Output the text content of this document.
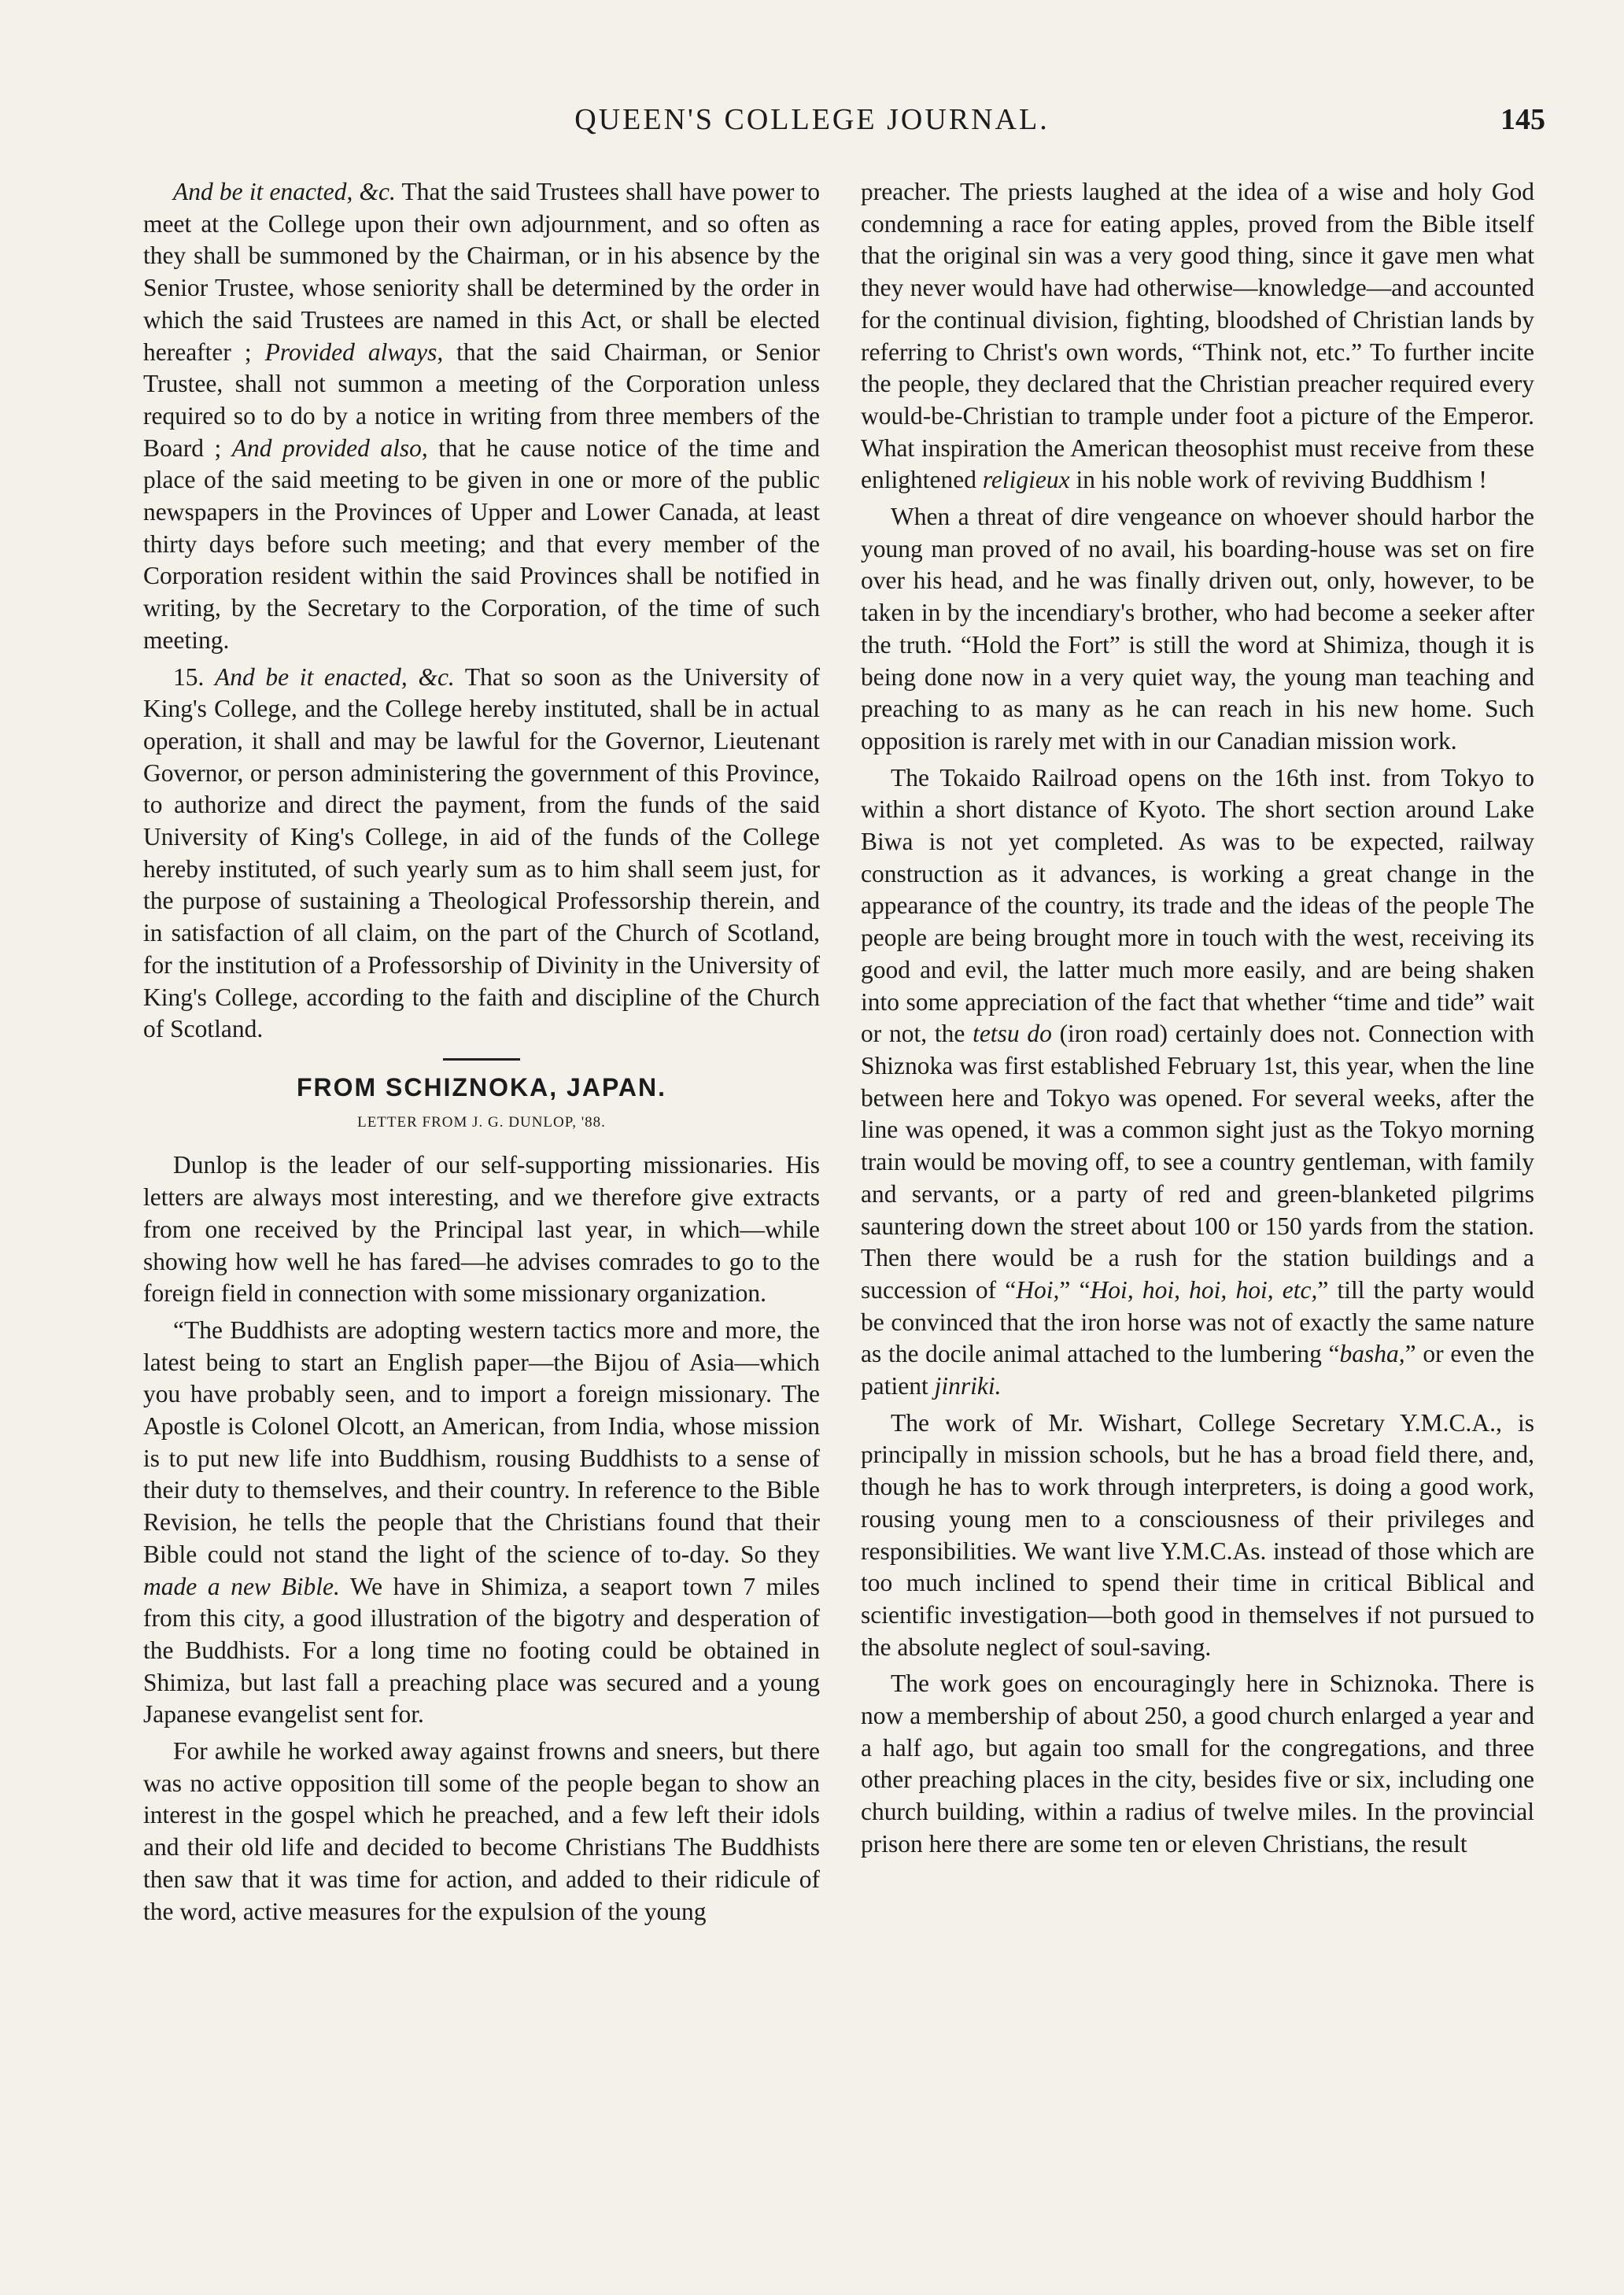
QUEEN'S COLLEGE JOURNAL.	145

And be it enacted, &c. That the said Trustees shall have power to meet at the College upon their own adjournment, and so often as they shall be summoned by the Chairman, or in his absence by the Senior Trustee, whose seniority shall be determined by the order in which the said Trustees are named in this Act, or shall be elected hereafter ; Provided always, that the said Chairman, or Senior Trustee, shall not summon a meeting of the Corporation unless required so to do by a notice in writing from three members of the Board ; And provided also, that he cause notice of the time and place of the said meeting to be given in one or more of the public newspapers in the Provinces of Upper and Lower Canada, at least thirty days before such meeting; and that every member of the Corporation resident within the said Provinces shall be notified in writing, by the Secretary to the Corporation, of the time of such meeting.

15. And be it enacted, &c. That so soon as the University of King's College, and the College hereby instituted, shall be in actual operation, it shall and may be lawful for the Governor, Lieutenant Governor, or person administering the government of this Province, to authorize and direct the payment, from the funds of the said University of King's College, in aid of the funds of the College hereby instituted, of such yearly sum as to him shall seem just, for the purpose of sustaining a Theological Professorship therein, and in satisfaction of all claim, on the part of the Church of Scotland, for the institution of a Professorship of Divinity in the University of King's College, according to the faith and discipline of the Church of Scotland.

FROM SCHIZNOKA, JAPAN.
LETTER FROM J. G. DUNLOP, '88.

Dunlop is the leader of our self-supporting missionaries. His letters are always most interesting, and we therefore give extracts from one received by the Principal last year, in which—while showing how well he has fared—he advises comrades to go to the foreign field in connection with some missionary organization.

“The Buddhists are adopting western tactics more and more, the latest being to start an English paper—the Bijou of Asia—which you have probably seen, and to import a foreign missionary. The Apostle is Colonel Olcott, an American, from India, whose mission is to put new life into Buddhism, rousing Buddhists to a sense of their duty to themselves, and their country. In reference to the Bible Revision, he tells the people that the Christians found that their Bible could not stand the light of the science of to-day. So they made a new Bible. We have in Shimiza, a seaport town 7 miles from this city, a good illustration of the bigotry and desperation of the Buddhists. For a long time no footing could be obtained in Shimiza, but last fall a preaching place was secured and a young Japanese evangelist sent for.

For awhile he worked away against frowns and sneers, but there was no active opposition till some of the people began to show an interest in the gospel which he preached, and a few left their idols and their old life and decided to become Christians The Buddhists then saw that it was time for action, and added to their ridicule of the word, active measures for the expulsion of the young

preacher. The priests laughed at the idea of a wise and holy God condemning a race for eating apples, proved from the Bible itself that the original sin was a very good thing, since it gave men what they never would have had otherwise—knowledge—and accounted for the continual division, fighting, bloodshed of Christian lands by referring to Christ's own words, “Think not, etc.” To further incite the people, they declared that the Christian preacher required every would-be-Christian to trample under foot a picture of the Emperor. What inspiration the American theosophist must receive from these enlightened religieux in his noble work of reviving Buddhism !

When a threat of dire vengeance on whoever should harbor the young man proved of no avail, his boarding-house was set on fire over his head, and he was finally driven out, only, however, to be taken in by the incendiary's brother, who had become a seeker after the truth. “Hold the Fort” is still the word at Shimiza, though it is being done now in a very quiet way, the young man teaching and preaching to as many as he can reach in his new home. Such opposition is rarely met with in our Canadian mission work.

The Tokaido Railroad opens on the 16th inst. from Tokyo to within a short distance of Kyoto. The short section around Lake Biwa is not yet completed. As was to be expected, railway construction as it advances, is working a great change in the appearance of the country, its trade and the ideas of the people The people are being brought more in touch with the west, receiving its good and evil, the latter much more easily, and are being shaken into some appreciation of the fact that whether “time and tide” wait or not, the tetsu do (iron road) certainly does not. Connection with Shiznoka was first established February 1st, this year, when the line between here and Tokyo was opened. For several weeks, after the line was opened, it was a common sight just as the Tokyo morning train would be moving off, to see a country gentleman, with family and servants, or a party of red and green-blanketed pilgrims sauntering down the street about 100 or 150 yards from the station. Then there would be a rush for the station buildings and a succession of “Hoi,” “Hoi, hoi, hoi, hoi, etc,” till the party would be convinced that the iron horse was not of exactly the same nature as the docile animal attached to the lumbering “basha,” or even the patient jinriki.

The work of Mr. Wishart, College Secretary Y.M.C.A., is principally in mission schools, but he has a broad field there, and, though he has to work through interpreters, is doing a good work, rousing young men to a consciousness of their privileges and responsibilities. We want live Y.M.C.As. instead of those which are too much inclined to spend their time in critical Biblical and scientific investigation—both good in themselves if not pursued to the absolute neglect of soul-saving.

The work goes on encouragingly here in Schiznoka. There is now a membership of about 250, a good church enlarged a year and a half ago, but again too small for the congregations, and three other preaching places in the city, besides five or six, including one church building, within a radius of twelve miles. In the provincial prison here there are some ten or eleven Christians, the result
